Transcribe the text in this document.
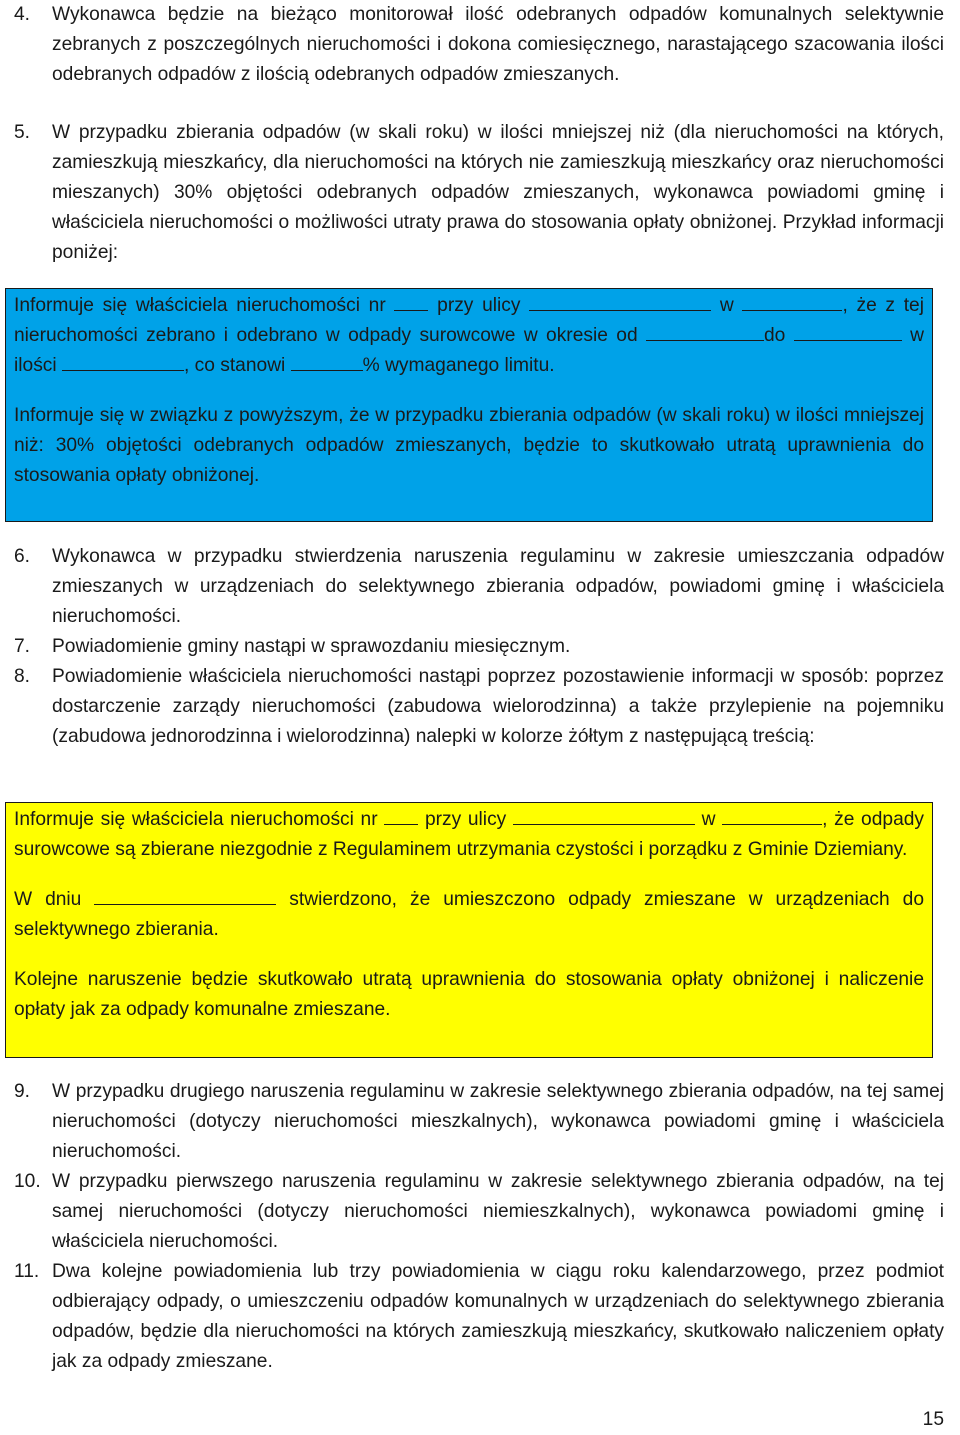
4.	Wykonawca będzie na bieżąco monitorował ilość odebranych odpadów komunalnych selektywnie zebranych z poszczególnych nieruchomości i dokona comiesięcznego, narastającego szacowania ilości odebranych odpadów z ilością odebranych odpadów zmieszanych.
5.	W przypadku zbierania odpadów (w skali roku) w ilości mniejszej niż (dla nieruchomości na których, zamieszkują mieszkańcy, dla nieruchomości na których nie zamieszkują mieszkańcy oraz nieruchomości mieszanych) 30% objętości odebranych odpadów zmieszanych, wykonawca powiadomi gminę i właściciela nieruchomości o możliwości utraty prawa do stosowania opłaty obniżonej. Przykład informacji poniżej:

Informuje się właściciela nieruchomości nr	przy ulicy	w	, że z tej nieruchomości zebrano i odebrano w odpady surowcowe w okresie od	do	w ilości	, co stanowi	% wymaganego limitu.

Informuje się w związku z powyższym, że w przypadku zbierania odpadów (w skali roku) w ilości mniejszej niż: 30% objętości odebranych odpadów zmieszanych, będzie to skutkowało utratą uprawnienia do stosowania opłaty obniżonej.

6.	Wykonawca w przypadku stwierdzenia naruszenia regulaminu w zakresie umieszczania odpadów zmieszanych w urządzeniach do selektywnego zbierania odpadów, powiadomi gminę i właściciela nieruchomości.
7.	Powiadomienie gminy nastąpi w sprawozdaniu miesięcznym.
8.	Powiadomienie właściciela nieruchomości nastąpi poprzez pozostawienie informacji w sposób: poprzez dostarczenie zarządy nieruchomości (zabudowa wielorodzinna) a także przylepienie na pojemniku (zabudowa jednorodzinna i wielorodzinna) nalepki w kolorze żółtym z następującą treścią:

Informuje się właściciela nieruchomości nr przy ulicy	w	, że odpady surowcowe są zbierane niezgodnie z Regulaminem utrzymania czystości i porządku z Gminie Dziemiany.

W dniu	stwierdzono, że umieszczono odpady zmieszane w urządzeniach do selektywnego zbierania.

Kolejne naruszenie będzie skutkowało utratą uprawnienia do stosowania opłaty obniżonej i naliczenie opłaty jak za odpady komunalne zmieszane.

9.	W przypadku drugiego naruszenia regulaminu w zakresie selektywnego zbierania odpadów, na tej samej nieruchomości (dotyczy nieruchomości mieszkalnych), wykonawca powiadomi gminę i właściciela nieruchomości.
10. W przypadku pierwszego naruszenia regulaminu w zakresie selektywnego zbierania odpadów, na tej samej nieruchomości (dotyczy nieruchomości niemieszkalnych), wykonawca powiadomi gminę i właściciela nieruchomości.
11. Dwa kolejne powiadomienia lub trzy powiadomienia w ciągu roku kalendarzowego, przez podmiot odbierający odpady, o umieszczeniu odpadów komunalnych w urządzeniach do selektywnego zbierania odpadów, będzie dla nieruchomości na których zamieszkują mieszkańcy, skutkowało naliczeniem opłaty jak za odpady zmieszane.
15
